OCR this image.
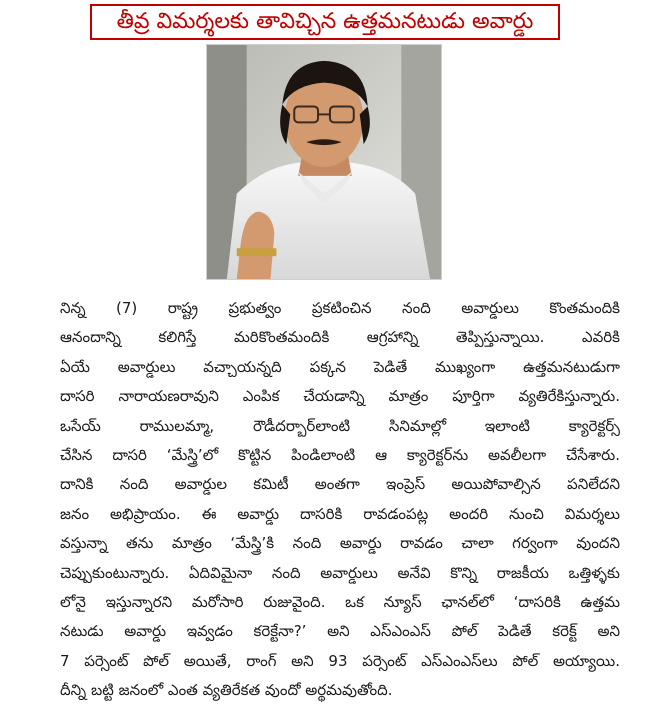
తీవ్ర విమర్శలకు తావిచ్చిన ఉత్తమనటుడు అవార్డు
నిన్న (7) రాష్ట్ర ప్రభుత్వం ప్రకటించిన నంది అవార్డులు కొంతమందికి
ఆనందాన్ని కలిగిస్తే మరికొంతమందికి ఆగ్రహాన్ని తెప్పిస్తున్నాయి. ఎవరికి
ఏయే అవార్డులు వచ్చాయన్నది పక్కన పెడితే ముఖ్యంగా ఉత్తమనటుడుగా
దాసరి నారాయణరావుని ఎంపిక చేయడాన్ని మాత్రం పూర్తిగా వ్యతిరేకిస్తున్నారు.
ఒసేయ్ రాములమ్మా, రౌడీదర్బార్‌లాంటి సినిమాల్లో ఇలాంటి క్యారెక్టర్స్
చేసిన దాసరి ‘మేస్త్రి’లో కొట్టిన పిండిలాంటి ఆ క్యారెక్టర్‌ను అవలీలగా చేసేశారు.
దానికి నంది అవార్డుల కమిటీ అంతగా ఇంప్రెస్ అయిపోవాల్సిన పనిలేదని
జనం అభిప్రాయం. ఈ అవార్డు దాసరికి రావడంపట్ల అందరి నుంచి విమర్శలు
వస్తున్నా తను మాత్రం ‘మేస్త్రి’కి నంది అవార్డు రావడం చాలా గర్వంగా వుందని
చెప్పుకుంటున్నారు. ఏదివిమైనా నంది అవార్డులు అనేవి కొన్ని రాజకీయ ఒత్తిళ్ళకు
లోనై ఇస్తున్నారని మరోసారి రుజువైంది. ఒక న్యూస్ ఛానల్‌లో ‘దాసరికి ఉత్తమ
నటుడు అవార్డు ఇవ్వడం కరెక్టేనా?’ అని ఎస్‌ఎంఎస్ పోల్ పెడితే కరెక్ట్ అని
7 పర్సెంట్ పోల్ అయితే, రాంగ్ అని 93 పర్సెంట్ ఎస్‌ఎంఎస్‌లు పోల్ అయ్యాయి.
దీన్ని బట్టి జనంలో ఎంత వ్యతిరేకత వుందో అర్థమవుతోంది.
